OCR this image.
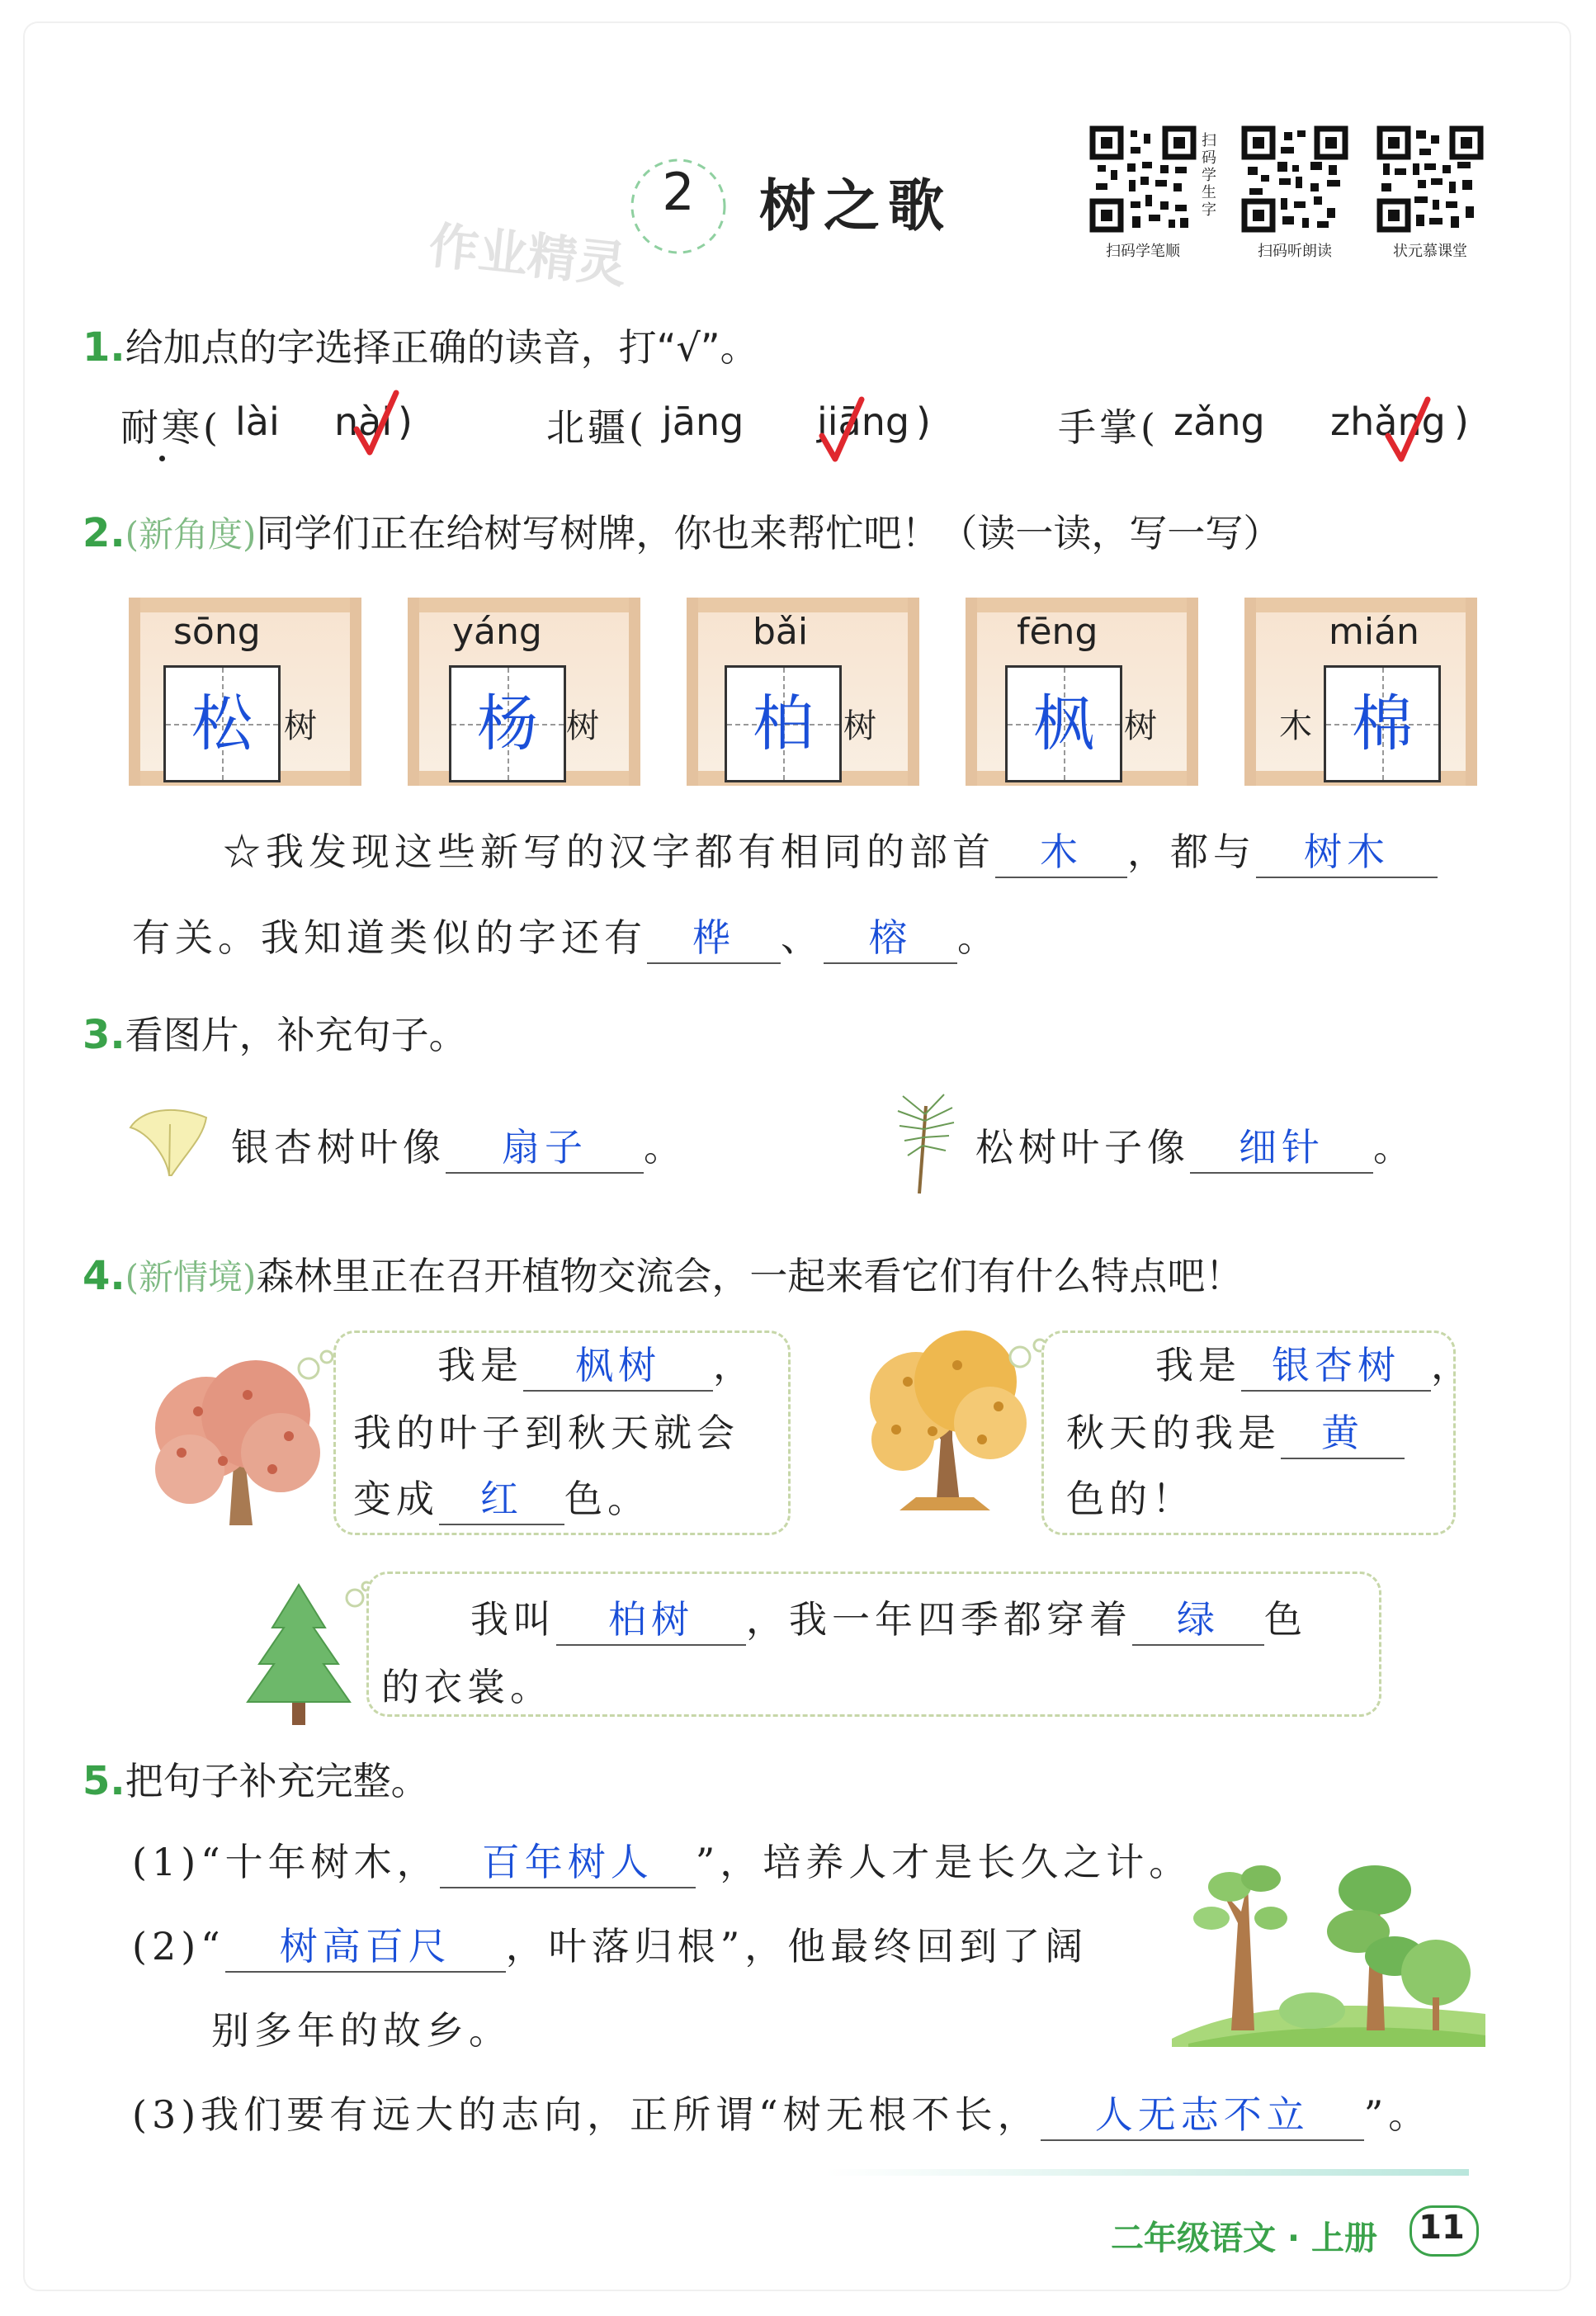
2	树之歌
作业精灵
扫码学生字
扫码学笔顺	扫码听朗读	状元慕课堂
1.给加点的字选择正确的读音，打“√”。
耐寒( lài nài )	北疆( jāng jiāng )	手掌( zǎng zhǎng )
2.(新角度)同学们正在给树写树牌，你也来帮忙吧！（读一读，写一写）
sōng
松 树
yáng
杨 树
bǎi
柏 树
fēng
枫 树
mián
木 棉
☆我发现这些新写的汉字都有相同的部首 木 ，都与 树木
有关。我知道类似的字还有 桦 、 榕 。
3.看图片，补充句子。
银杏树叶像 扇子 。	松树叶子像 细针 。
4.(新情境)森林里正在召开植物交流会，一起来看它们有什么特点吧！
我是 枫树 ，
我的叶子到秋天就会
变成 红 色。
我是 银杏树 ，
秋天的我是 黄
色的！
我叫 柏树 ，我一年四季都穿着 绿 色
的衣裳。
5.把句子补充完整。
(1)“十年树木， 百年树人 ”，培养人才是长久之计。
(2)“ 树高百尺 ，叶落归根”，他最终回到了阔
别多年的故乡。
(3)我们要有远大的志向，正所谓“树无根不长， 人无志不立 ”。
二年级语文 · 上册 11
